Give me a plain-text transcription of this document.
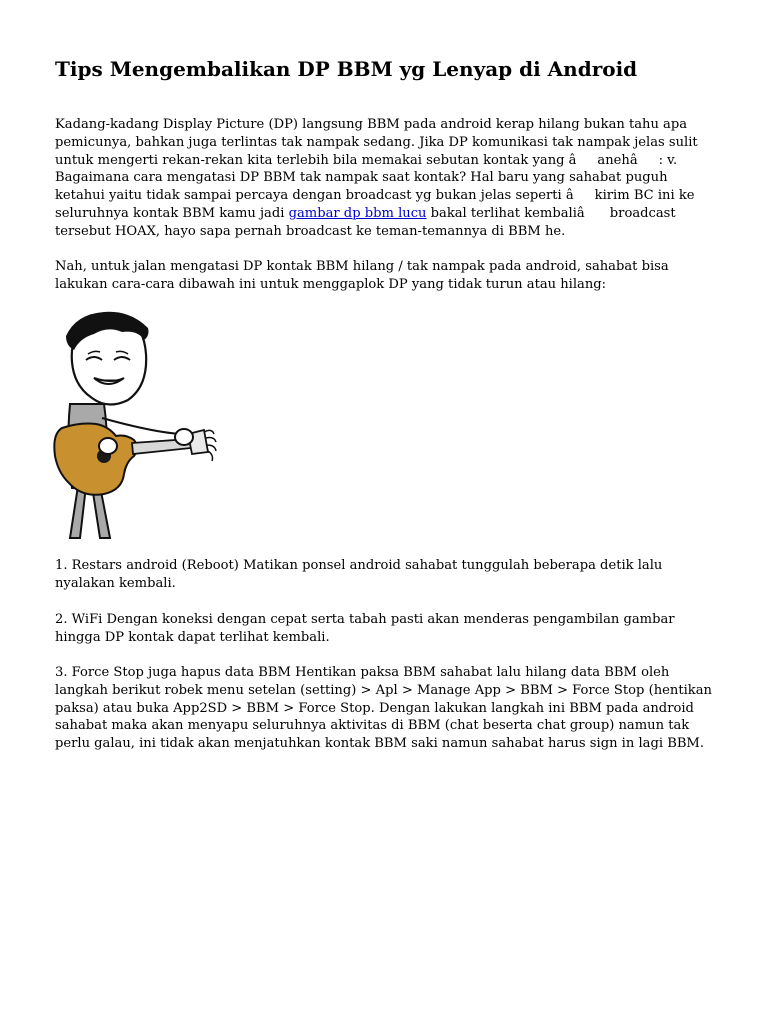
Tips Mengembalikan DP BBM yg Lenyap di Android

Kadang-kadang Display Picture (DP) langsung BBM pada android kerap hilang bukan tahu apa pemicunya, bahkan juga terlintas tak nampak sedang. Jika DP komunikasi tak nampak jelas sulit untuk mengerti rekan-rekan kita terlebih bila memakai sebutan kontak yang âanehâ: v. Bagaimana cara mengatasi DP BBM tak nampak saat kontak? Hal baru yang sahabat puguh ketahui yaitu tidak sampai percaya dengan broadcast yg bukan jelas seperti âkirim BC ini ke seluruhnya kontak BBM kamu jadi gambar dp bbm lucu bakal terlihat kembaliâ broadcast tersebut HOAX, hayo sapa pernah broadcast ke teman-temannya di BBM he.

Nah, untuk jalan mengatasi DP kontak BBM hilang / tak nampak pada android, sahabat bisa lakukan cara-cara dibawah ini untuk menggaplok DP yang tidak turun atau hilang:

1. Restars android (Reboot) Matikan ponsel android sahabat tunggulah beberapa detik lalu nyalakan kembali.

2. WiFi Dengan koneksi dengan cepat serta tabah pasti akan menderas pengambilan gambar hingga DP kontak dapat terlihat kembali.

3. Force Stop juga hapus data BBM Hentikan paksa BBM sahabat lalu hilang data BBM oleh langkah berikut robek menu setelan (setting) > Apl > Manage App > BBM > Force Stop (hentikan paksa) atau buka App2SD > BBM > Force Stop. Dengan lakukan langkah ini BBM pada android sahabat maka akan menyapu seluruhnya aktivitas di BBM (chat beserta chat group) namun tak perlu galau, ini tidak akan menjatuhkan kontak BBM saki namun sahabat harus sign in lagi BBM.
